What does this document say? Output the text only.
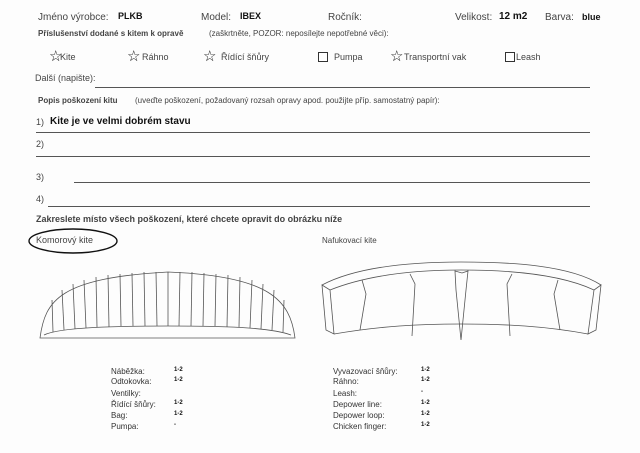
Jméno výrobce: PLKB	Model: IBEX	Ročník:	Velikost: 12 m2 Barva: blue
Příslušenství dodané s kitem k opravě	(zaškrtněte, POZOR: neposílejte nepotřebné věci):
☆
Kite	☆ Ráhno ☆ Řídící šňůry	Pumpa ☆ Transportní vak	Leash
Další (napište):
Popis poškození kitu (uveďte poškození, požadovaný rozsah opravy apod. použijte příp. samostatný papír):
1) Kite je ve velmi dobrém stavu
2)
3)
4)
Zakreslete místo všech poškození, které chcete opravit do obrázku níže
Komorový kite	Nafukovací kite
Náběžka:	1-2
Odtokovka:	1-2
Ventilky:
Řídící šňůry:	1-2
Bag:	1-2
Pumpa:	-
Vyvazovací šňůry:	1-2
Ráhno:	1-2
Leash:	-
Depower line:	1-2
Depower loop:	1-2
Chicken finger:	1-2
